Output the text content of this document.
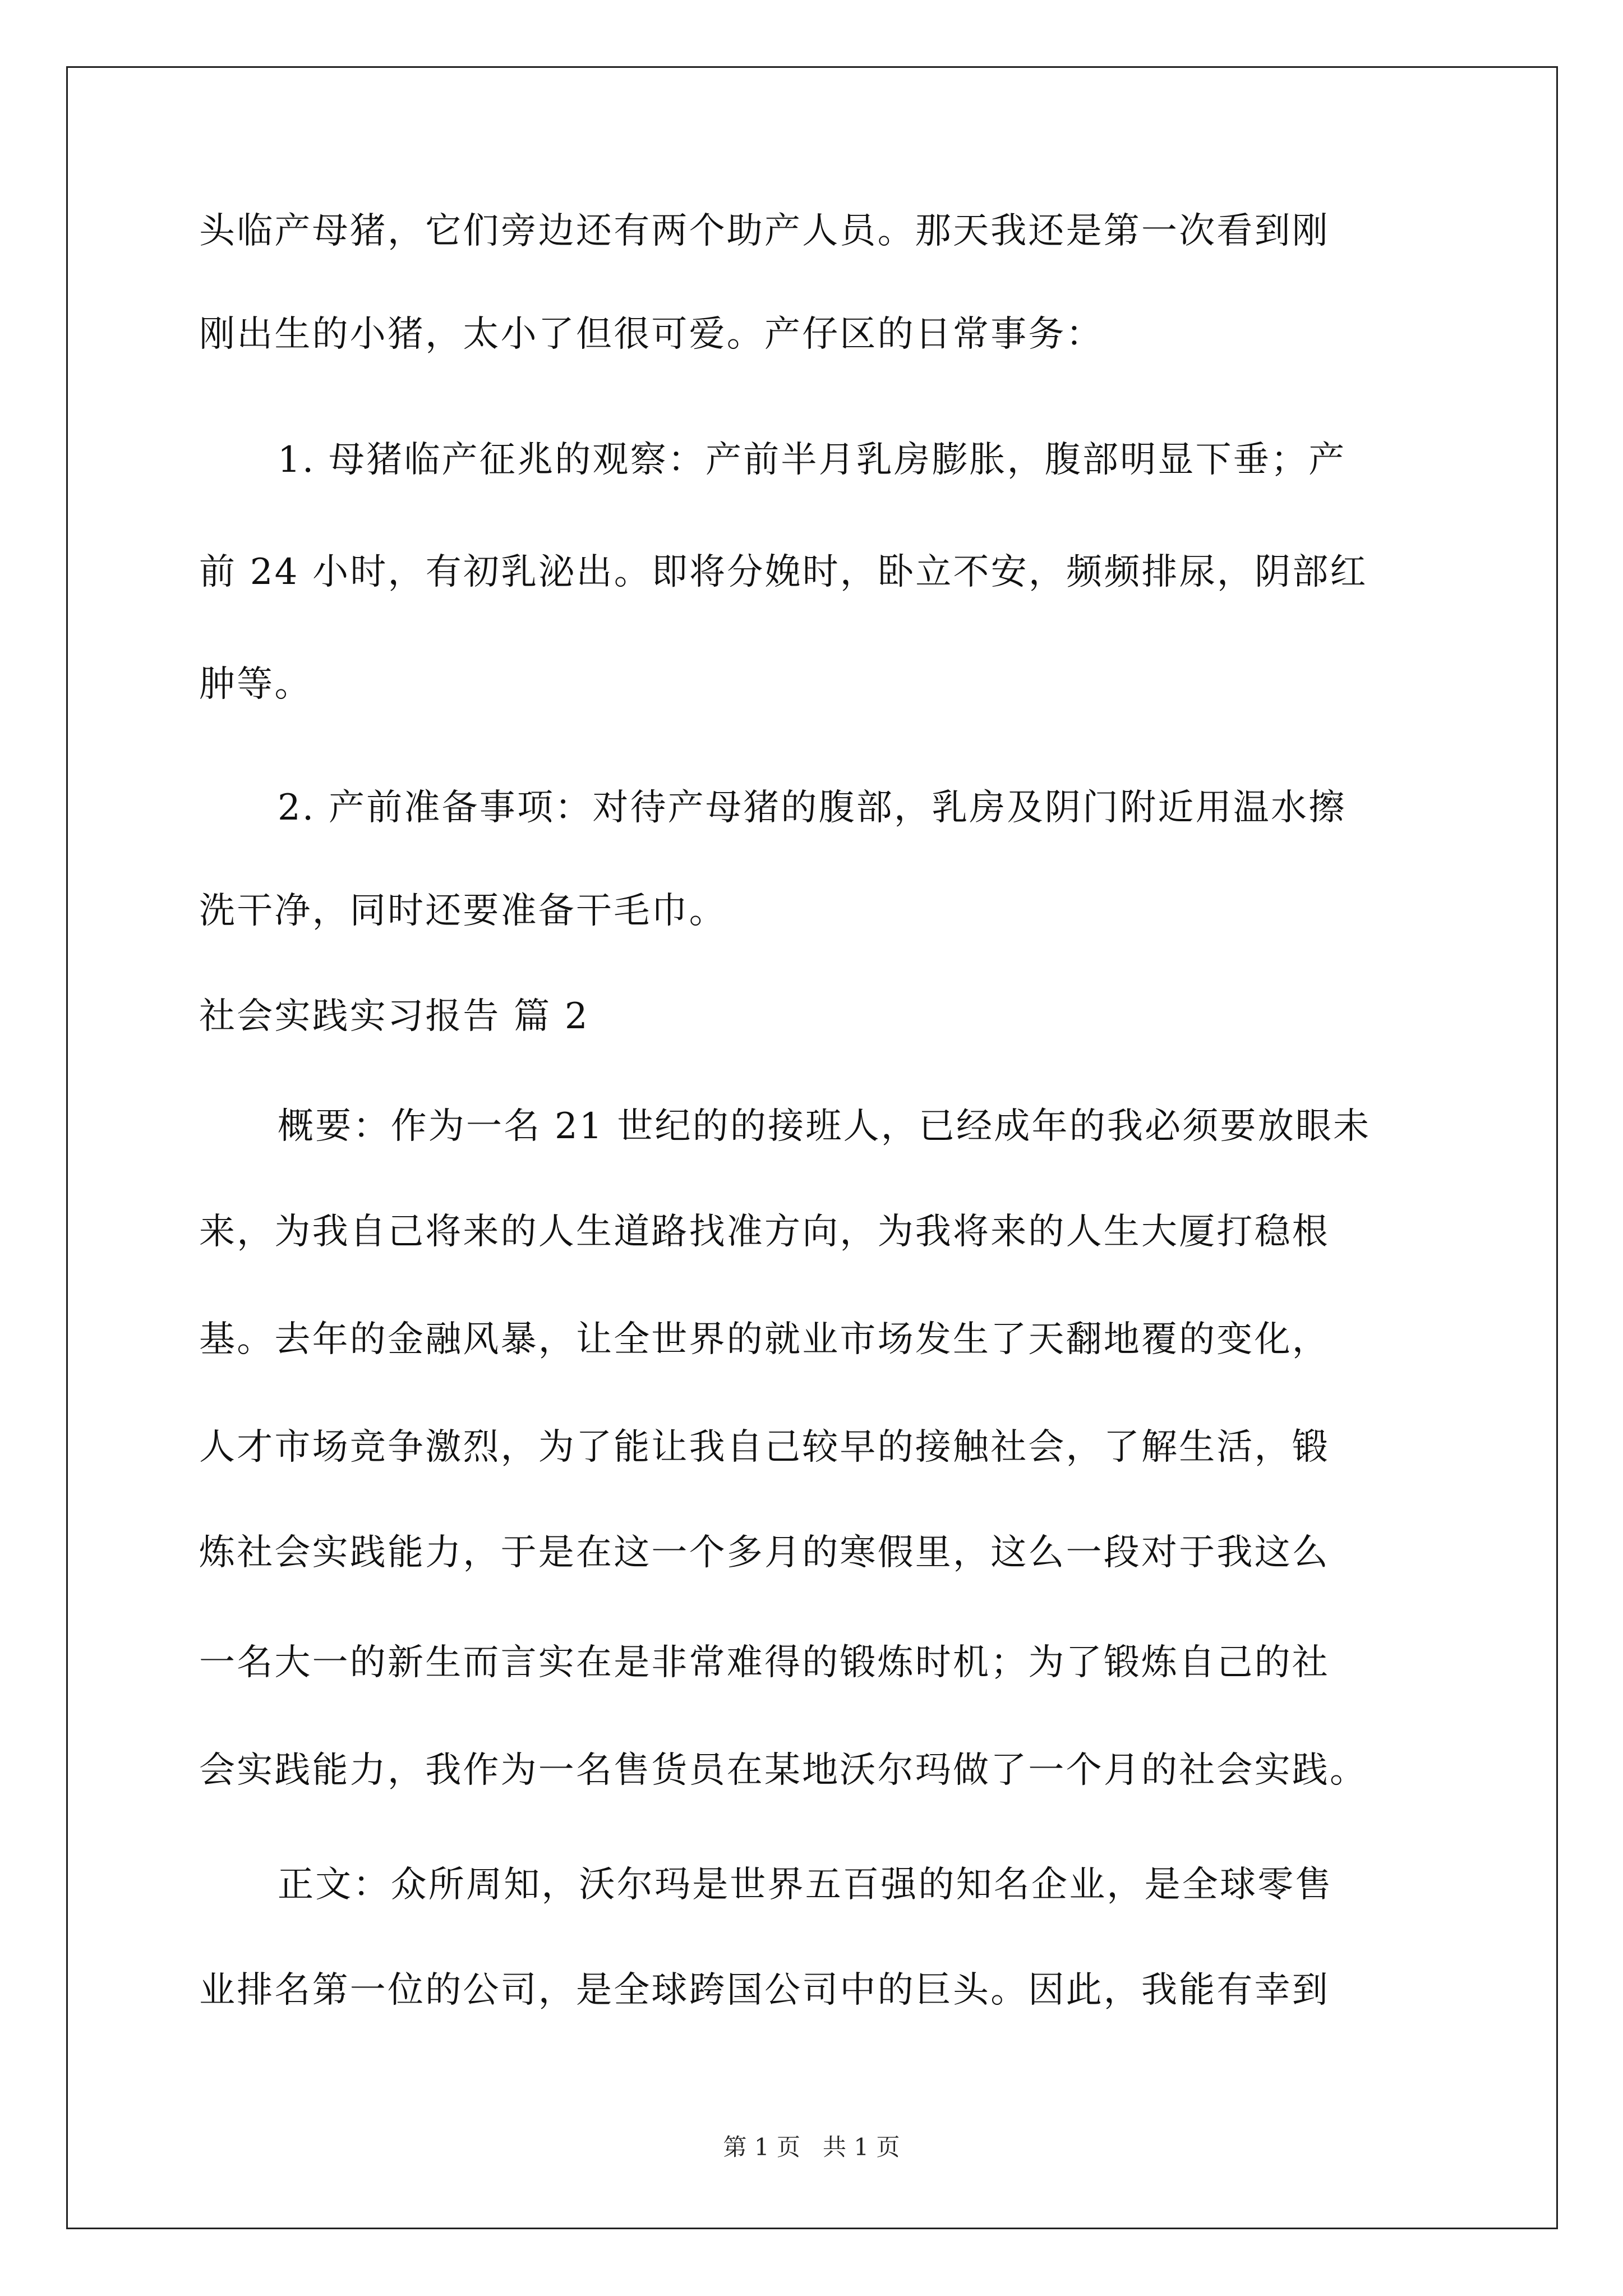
头临产母猪，它们旁边还有两个助产人员。那天我还是第一次看到刚
刚出生的小猪，太小了但很可爱。产仔区的日常事务：
1. 母猪临产征兆的观察：产前半月乳房膨胀，腹部明显下垂；产
前 24 小时，有初乳泌出。即将分娩时，卧立不安，频频排尿，阴部红
肿等。
2. 产前准备事项：对待产母猪的腹部，乳房及阴门附近用温水擦
洗干净，同时还要准备干毛巾。
社会实践实习报告 篇 2
概要：作为一名 21 世纪的的接班人，已经成年的我必须要放眼未
来，为我自己将来的人生道路找准方向，为我将来的人生大厦打稳根
基。去年的金融风暴，让全世界的就业市场发生了天翻地覆的变化，
人才市场竞争激烈，为了能让我自己较早的接触社会，了解生活，锻
炼社会实践能力，于是在这一个多月的寒假里，这么一段对于我这么
一名大一的新生而言实在是非常难得的锻炼时机；为了锻炼自己的社
会实践能力，我作为一名售货员在某地沃尔玛做了一个月的社会实践。
正文：众所周知，沃尔玛是世界五百强的知名企业，是全球零售
业排名第一位的公司，是全球跨国公司中的巨头。因此，我能有幸到
第 1 页   共 1 页
